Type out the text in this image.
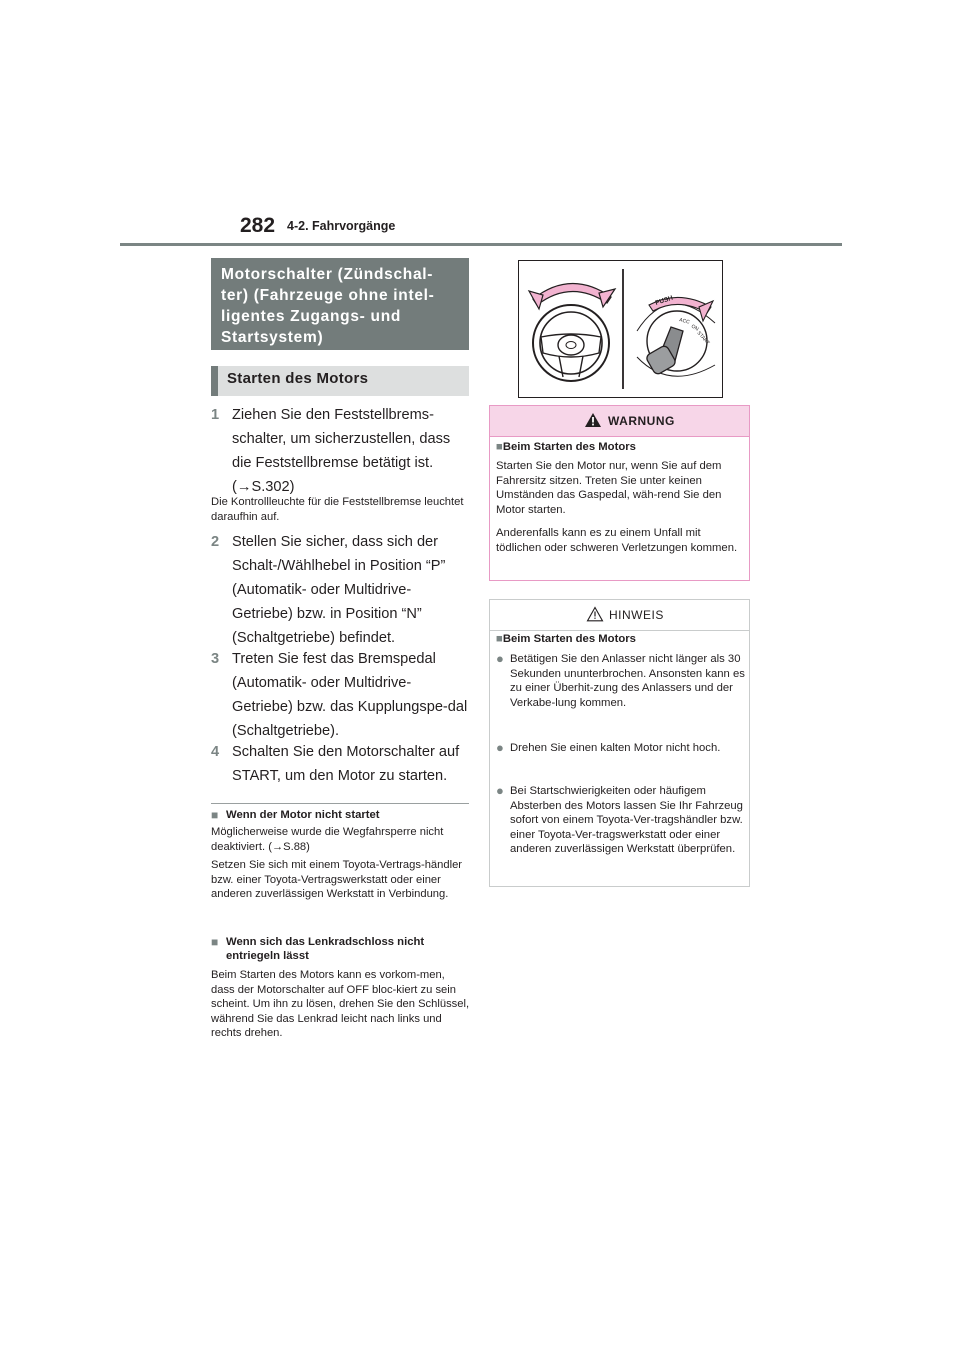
282 4-2. Fahrvorgänge
Motorschalter (Zündschal-
ter) (Fahrzeuge ohne intel-
ligentes Zugangs- und
Startsystem)
Starten des Motors
1 Ziehen Sie den Feststellbrems-schalter, um sicherzustellen, dass die Feststellbremse betätigt ist. (→S.302)
Die Kontrollleuchte für die Feststellbremse leuchtet daraufhin auf.
2 Stellen Sie sicher, dass sich der Schalt-/Wählhebel in Position “P” (Automatik- oder Multidrive-Getriebe) bzw. in Position “N” (Schaltgetriebe) befindet.
3 Treten Sie fest das Bremspedal (Automatik- oder Multidrive-Getriebe) bzw. das Kupplungspe-dal (Schaltgetriebe).
4 Schalten Sie den Motorschalter auf START, um den Motor zu starten.
■ Wenn der Motor nicht startet
Möglicherweise wurde die Wegfahrsperre nicht deaktiviert. (→S.88)
Setzen Sie sich mit einem Toyota-Vertrags-händler bzw. einer Toyota-Vertragswerkstatt oder einer anderen zuverlässigen Werkstatt in Verbindung.
■ Wenn sich das Lenkradschloss nicht entriegeln lässt
Beim Starten des Motors kann es vorkom-men, dass der Motorschalter auf OFF bloc-kiert zu sein scheint. Um ihn zu lösen, drehen Sie den Schlüssel, während Sie das Lenkrad leicht nach links und rechts drehen.
PUSH
ACC
ON
START
WARNUNG
■Beim Starten des Motors
Starten Sie den Motor nur, wenn Sie auf dem Fahrersitz sitzen. Treten Sie unter keinen Umständen das Gaspedal, wäh-rend Sie den Motor starten.
Anderenfalls kann es zu einem Unfall mit tödlichen oder schweren Verletzungen kommen.
HINWEIS
■Beim Starten des Motors
● Betätigen Sie den Anlasser nicht länger als 30 Sekunden ununterbrochen. Ansonsten kann es zu einer Überhit-zung des Anlassers und der Verkabe-lung kommen.
● Drehen Sie einen kalten Motor nicht hoch.
● Bei Startschwierigkeiten oder häufigem Absterben des Motors lassen Sie Ihr Fahrzeug sofort von einem Toyota-Ver-tragshändler bzw. einer Toyota-Ver-tragswerkstatt oder einer anderen zuverlässigen Werkstatt überprüfen.
